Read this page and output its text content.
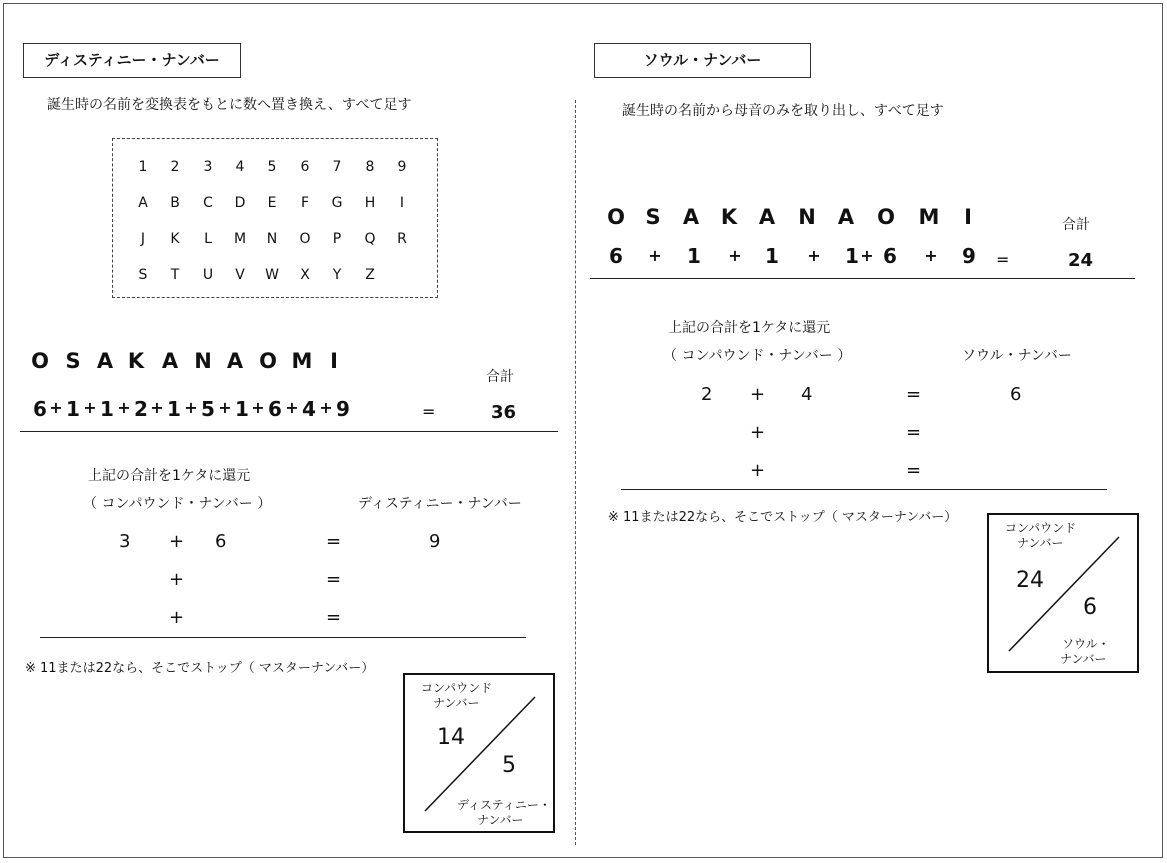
ディスティニー・ナンバー
誕生時の名前を変換表をもとに数へ置き換え、すべて足す
1	2	3	4	5	6	7	8	9
A	B	C	D	E	F	G	H	I
J	K	L	M	N	O	P	Q	R
S	T	U	V	W	X	Y	Z
O S A K A N A O M I
合計
6 + 1 + 1 + 2 + 1 + 5 + 1 + 6 + 4 + 9	=	36
上記の合計を1ケタに還元
（ コンパウンド・ナンバー ）	ディスティニー・ナンバー
3 + 6	=	9
+	=
+	=
※ 11または22なら、そこでストップ（ マスターナンバー）
コンパウンド
ナンバー
14
5
ディスティニー・
ナンバー
ソウル・ナンバー
誕生時の名前から母音のみを取り出し、すべて足す
O S A K A N A O M	I	合計
6 + 1 + 1 + 1 + 6 + 9 =	24
上記の合計を1ケタに還元
（ コンパウンド・ナンバー ）	ソウル・ナンバー
2 + 4	=	6
+	=
+	=
※ 11または22なら、そこでストップ（ マスターナンバー）
コンパウンド
ナンバー
24
6
ソウル・
ナンバー
